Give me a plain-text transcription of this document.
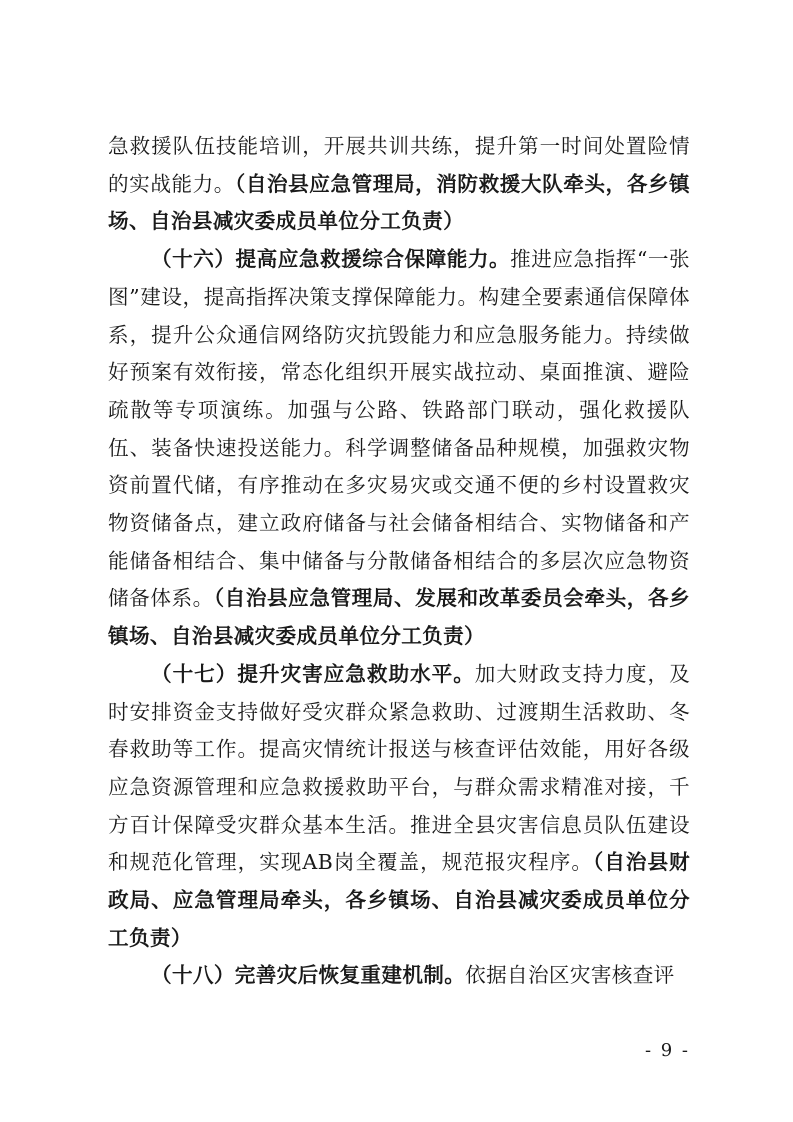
急救援队伍技能培训，开展共训共练，提升第一时间处置险情的实战能力。（自治县应急管理局，消防救援大队牵头，各乡镇场、自治县减灾委成员单位分工负责）

（十六）提高应急救援综合保障能力。推进应急指挥“一张图”建设，提高指挥决策支撑保障能力。构建全要素通信保障体系，提升公众通信网络防灾抗毁能力和应急服务能力。持续做好预案有效衔接，常态化组织开展实战拉动、桌面推演、避险疏散等专项演练。加强与公路、铁路部门联动，强化救援队伍、装备快速投送能力。科学调整储备品种规模，加强救灾物资前置代储，有序推动在多灾易灾或交通不便的乡村设置救灾物资储备点，建立政府储备与社会储备相结合、实物储备和产能储备相结合、集中储备与分散储备相结合的多层次应急物资储备体系。（自治县应急管理局、发展和改革委员会牵头，各乡镇场、自治县减灾委成员单位分工负责）

（十七）提升灾害应急救助水平。加大财政支持力度，及时安排资金支持做好受灾群众紧急救助、过渡期生活救助、冬春救助等工作。提高灾情统计报送与核查评估效能，用好各级应急资源管理和应急救援救助平台，与群众需求精准对接，千方百计保障受灾群众基本生活。推进全县灾害信息员队伍建设和规范化管理，实现AB岗全覆盖，规范报灾程序。（自治县财政局、应急管理局牵头，各乡镇场、自治县减灾委成员单位分工负责）

（十八）完善灾后恢复重建机制。依据自治区灾害核查评

- 9 -
